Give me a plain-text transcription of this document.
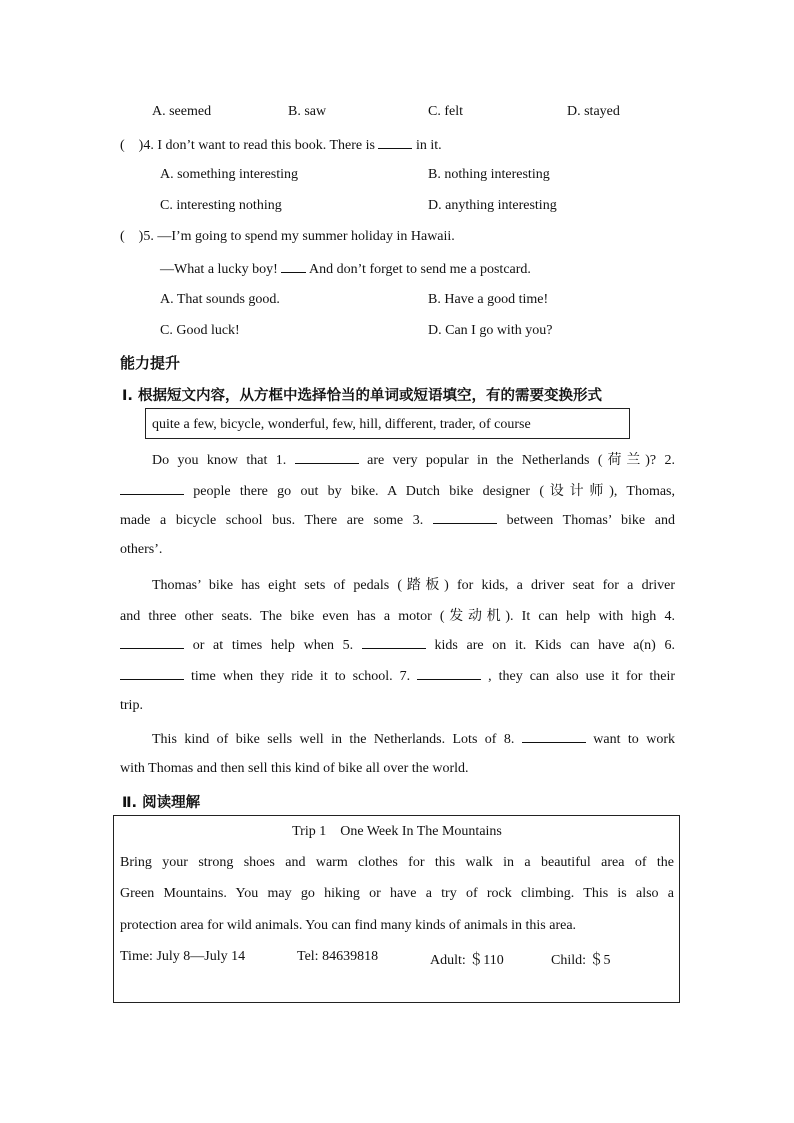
A. seemed	B. saw	C. felt	D. stayed
( )4. I don’t want to read this book. There is	in it.
A. something interesting	B. nothing interesting
C. interesting nothing	D. anything interesting
( )5. —I’m going to spend my summer holiday in Hawaii.
—What a lucky boy! And don’t forget to send me a postcard.
A. That sounds good.	B. Have a good time!
C. Good luck!	D. Can I go with you?
能力提升
Ⅰ. 根据短文内容，从方框中选择恰当的单词或短语填空，有的需要变换形式
quite a few, bicycle, wonderful, few, hill, different, trader, of course
Do you know that 1.	are very popular in the Netherlands (荷兰)? 2.
people there go out by bike. A Dutch bike designer (设计师), Thomas,
made a bicycle school bus. There are some 3.	between Thomas’ bike and
others’.
Thomas’ bike has eight sets of pedals (踏板) for kids, a driver seat for a driver
and three other seats. The bike even has a motor (发动机). It can help with high 4.
or at times help when 5.	kids are on it. Kids can have a(n) 6.
time when they ride it to school. 7.	, they can also use it for their
trip.
This kind of bike sells well in the Netherlands. Lots of 8.	want to work
with Thomas and then sell this kind of bike all over the world.
Ⅱ. 阅读理解
Trip 1    One Week In The Mountains
Bring your strong shoes and warm clothes for this walk in a beautiful area of the
Green Mountains. You may go hiking or have a try of rock climbing. This is also a
protection area for wild animals. You can find many kinds of animals in this area.
Time: July 8—July 14	Tel: 84639818	Adult: ＄110	Child: ＄5
